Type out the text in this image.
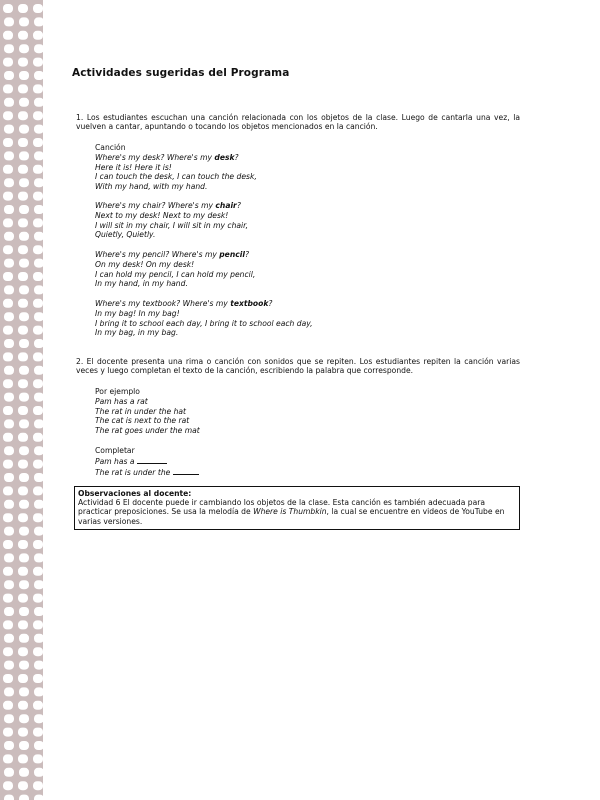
Actividades sugeridas del Programa
1. Los estudiantes escuchan una canción relacionada con los objetos de la clase. Luego de cantarla una vez, la vuelven a cantar, apuntando o tocando los objetos mencionados en la canción.
Canción
Where's my desk? Where's my desk?
Here it is! Here it is!
I can touch the desk, I can touch the desk,
With my hand, with my hand.
Where's my chair? Where's my chair?
Next to my desk! Next to my desk!
I will sit in my chair, I will sit in my chair,
Quietly, Quietly.
Where's my pencil? Where's my pencil?
On my desk! On my desk!
I can hold my pencil, I can hold my pencil,
In my hand, in my hand.
Where's my textbook? Where's my textbook?
In my bag! In my bag!
I bring it to school each day, I bring it to school each day,
In my bag, in my bag.
2. El docente presenta una rima o canción con sonidos que se repiten. Los estudiantes repiten la canción varias veces y luego completan el texto de la canción, escribiendo la palabra que corresponde.
Por ejemplo
Pam has a rat
The rat in under the hat
The cat is next to the rat
The rat goes under the mat
Completar
Pam has a
The rat is under the
Observaciones al docente:
Actividad 6 El docente puede ir cambiando los objetos de la clase. Esta canción es también adecuada para practicar preposiciones. Se usa la melodía de Where is Thumbkin, la cual se encuentre en videos de YouTube en varias versiones.
